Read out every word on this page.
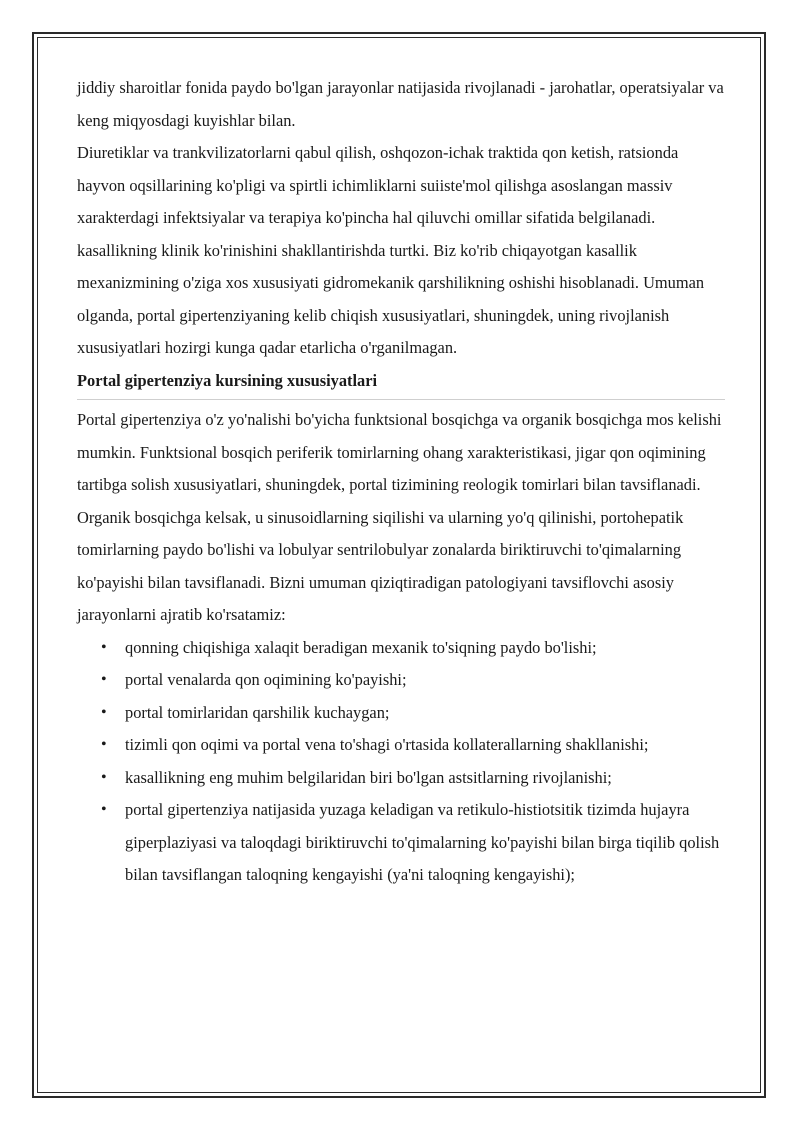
jiddiy sharoitlar fonida paydo bo'lgan jarayonlar natijasida rivojlanadi - jarohatlar, operatsiyalar va keng miqyosdagi kuyishlar bilan.

Diuretiklar va trankvilizatorlarni qabul qilish, oshqozon-ichak traktida qon ketish, ratsionda hayvon oqsillarining ko'pligi va spirtli ichimliklarni suiiste'mol qilishga asoslangan massiv xarakterdagi infektsiyalar va terapiya ko'pincha hal qiluvchi omillar sifatida belgilanadi. kasallikning klinik ko'rinishini shakllantirishda turtki. Biz ko'rib chiqayotgan kasallik mexanizmining o'ziga xos xususiyati gidromekanik qarshilikning oshishi hisoblanadi. Umuman olganda, portal gipertenziyaning kelib chiqish xususiyatlari, shuningdek, uning rivojlanish xususiyatlari hozirgi kunga qadar etarlicha o'rganilmagan.

Portal gipertenziya kursining xususiyatlari

Portal gipertenziya o'z yo'nalishi bo'yicha funktsional bosqichga va organik bosqichga mos kelishi mumkin. Funktsional bosqich periferik tomirlarning ohang xarakteristikasi, jigar qon oqimining tartibga solish xususiyatlari, shuningdek, portal tizimining reologik tomirlari bilan tavsiflanadi. Organik bosqichga kelsak, u sinusoidlarning siqilishi va ularning yo'q qilinishi, portohepatik tomirlarning paydo bo'lishi va lobulyar sentrilobulyar zonalarda biriktiruvchi to'qimalarning ko'payishi bilan tavsiflanadi. Bizni umuman qiziqtiradigan patologiyani tavsiflovchi asosiy jarayonlarni ajratib ko'rsatamiz:

• qonning chiqishiga xalaqit beradigan mexanik to'siqning paydo bo'lishi;
• portal venalarda qon oqimining ko'payishi;
• portal tomirlaridan qarshilik kuchaygan;
• tizimli qon oqimi va portal vena to'shagi o'rtasida kollaterallarning shakllanishi;
• kasallikning eng muhim belgilaridan biri bo'lgan astsitlarning rivojlanishi;
• portal gipertenziya natijasida yuzaga keladigan va retikulo-histiotsitik tizimda hujayra giperplaziyasi va taloqdagi biriktiruvchi to'qimalarning ko'payishi bilan birga tiqilib qolish bilan tavsiflangan taloqning kengayishi (ya'ni taloqning kengayishi);
